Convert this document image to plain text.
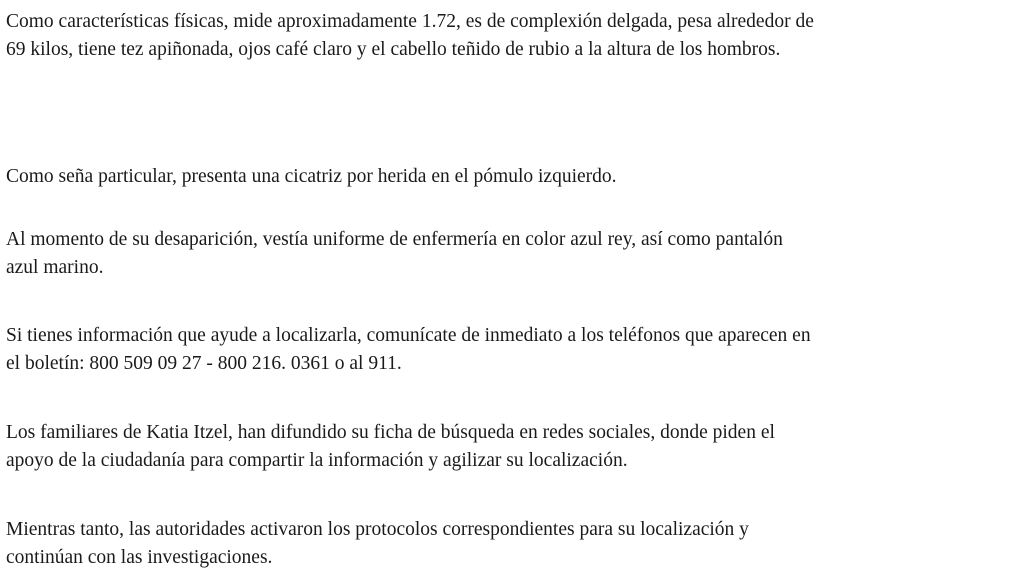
Como características físicas, mide aproximadamente 1.72, es de complexión delgada, pesa alrededor de
69 kilos, tiene tez apiñonada, ojos café claro y el cabello teñido de rubio a la altura de los hombros.

Como seña particular, presenta una cicatriz por herida en el pómulo izquierdo.

Al momento de su desaparición, vestía uniforme de enfermería en color azul rey, así como pantalón
azul marino.

Si tienes información que ayude a localizarla, comunícate de inmediato a los teléfonos que aparecen en
el boletín: 800 509 09 27 - 800 216. 0361 o al 911.

Los familiares de Katia Itzel, han difundido su ficha de búsqueda en redes sociales, donde piden el
apoyo de la ciudadanía para compartir la información y agilizar su localización.

Mientras tanto, las autoridades activaron los protocolos correspondientes para su localización y
continúan con las investigaciones.
